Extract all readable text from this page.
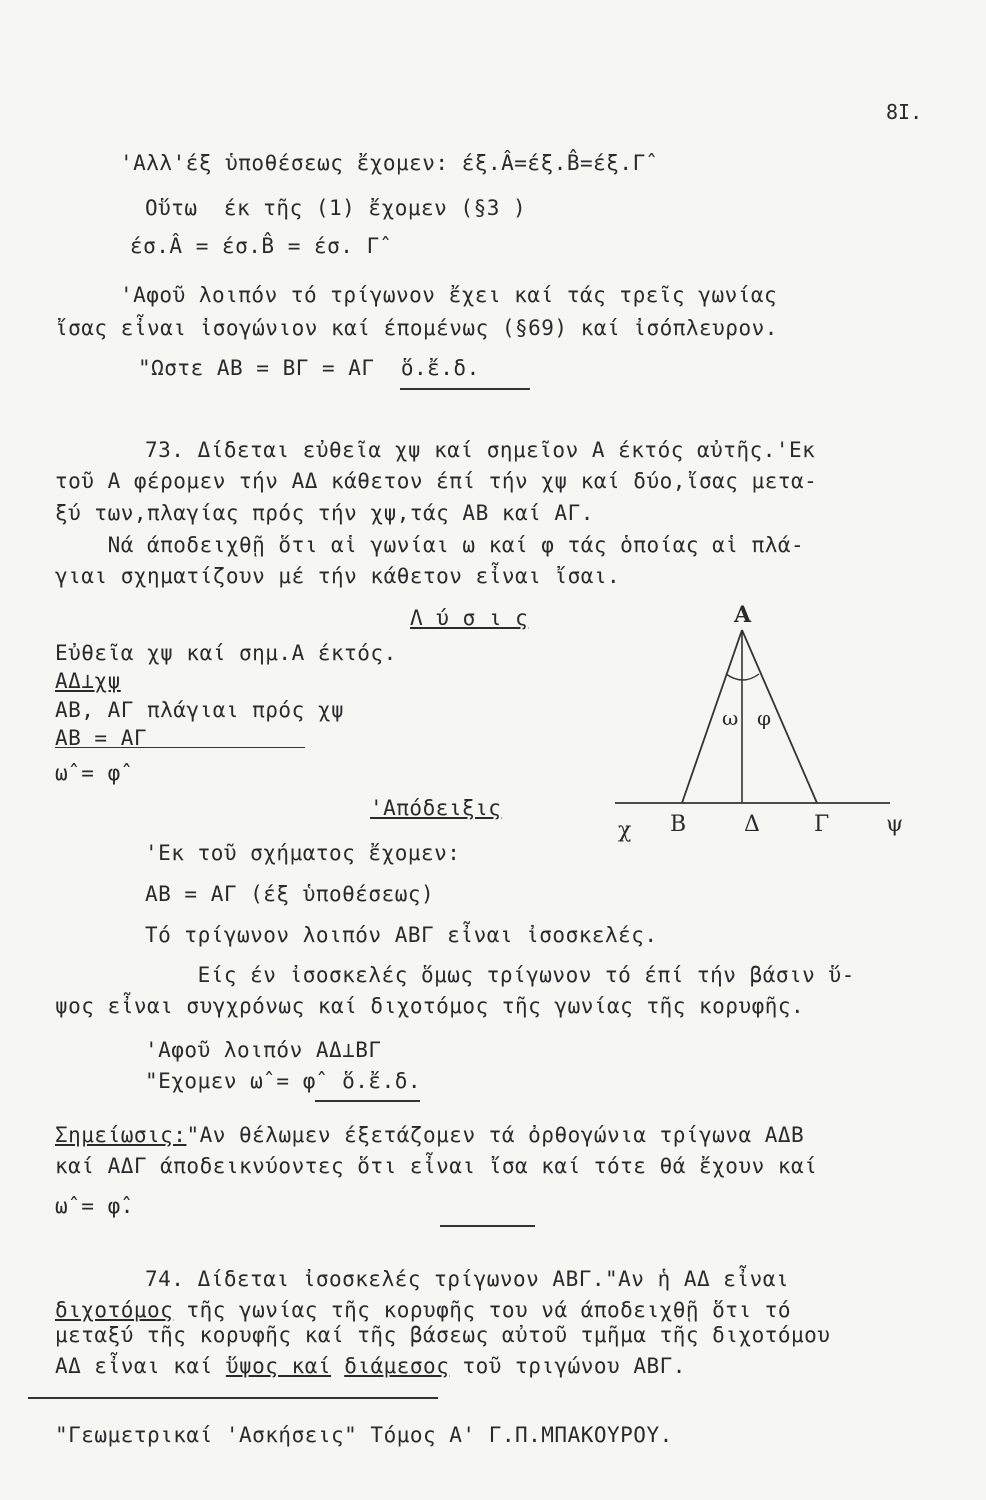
8I.
'Αλλ'έξ ὑποθέσεως ἔχομεν: έξ.Â=έξ.B̂=έξ.Γ̂
Οὕτω  έκ τῆς (1) ἔχομεν (§3 )
έσ.Â = έσ.B̂ = έσ. Γ̂
'Αφοῦ λοιπόν τό τρίγωνον ἔχει καί τάς τρεῖς γωνίας
ἴσας εἶναι ἰσογώνιον καί έπομένως (§69) καί ἰσόπλευρον.
"Ωστε ΑΒ = ΒΓ = ΑΓ  ὅ.ἔ.δ.
73. Δίδεται εὐθεῖα χψ καί σημεῖον Α έκτός αὐτῆς.'Εκ
τοῦ Α φέρομεν τήν ΑΔ κάθετον έπί τήν χψ καί δύο,ἴσας μετα-
ξύ των,πλαγίας πρός τήν χψ,τάς ΑΒ καί ΑΓ.
Νά άποδειχθῇ ὅτι αἱ γωνίαι ω καί φ τάς ὁποίας αἱ πλά-
γιαι σχηματίζουν μέ τήν κάθετον εἶναι ἴσαι.
Λ ύ σ ι ς
Εὐθεῖα χψ καί σημ.Α έκτός.
ΑΔ⊥χψ
ΑΒ, ΑΓ πλάγιαι πρός χψ
ΑΒ = ΑΓ
ω̂ = φ̂
Α
ω φ
χ Β	Δ Γ	ψ
'Απόδειξις
'Εκ τοῦ σχήματος ἔχομεν:
ΑΒ = ΑΓ (έξ ὑποθέσεως)
Τό τρίγωνον λοιπόν ΑΒΓ εἶναι ἰσοσκελές.
Είς έν ἰσοσκελές ὅμως τρίγωνον τό έπί τήν βάσιν ὕ-
ψος εἶναι συγχρόνως καί διχοτόμος τῆς γωνίας τῆς κορυφῆς.
'Αφοῦ λοιπόν ΑΔ⊥ΒΓ
"Εχομεν ω̂ = φ̂  ὅ.ἔ.δ.
Σημείωσις:"Αν θέλωμεν έξετάζομεν τά ὀρθογώνια τρίγωνα ΑΔΒ
καί ΑΔΓ άποδεικνύοντες ὅτι εἶναι ἴσα καί τότε θά ἔχουν καί
ω̂ = φ̂.
74. Δίδεται ἰσοσκελές τρίγωνον ΑΒΓ."Αν ἡ ΑΔ εἶναι
διχοτόμος τῆς γωνίας τῆς κορυφῆς του νά άποδειχθῇ ὅτι τό
μεταξύ τῆς κορυφῆς καί τῆς βάσεως αὐτοῦ τμῆμα τῆς διχοτόμου
ΑΔ εἶναι καί ὕψος καί διάμεσος τοῦ τριγώνου ΑΒΓ.
"Γεωμετρικαί 'Ασκήσεις" Τόμος Α' Γ.Π.ΜΠΑΚΟΥΡΟΥ.
